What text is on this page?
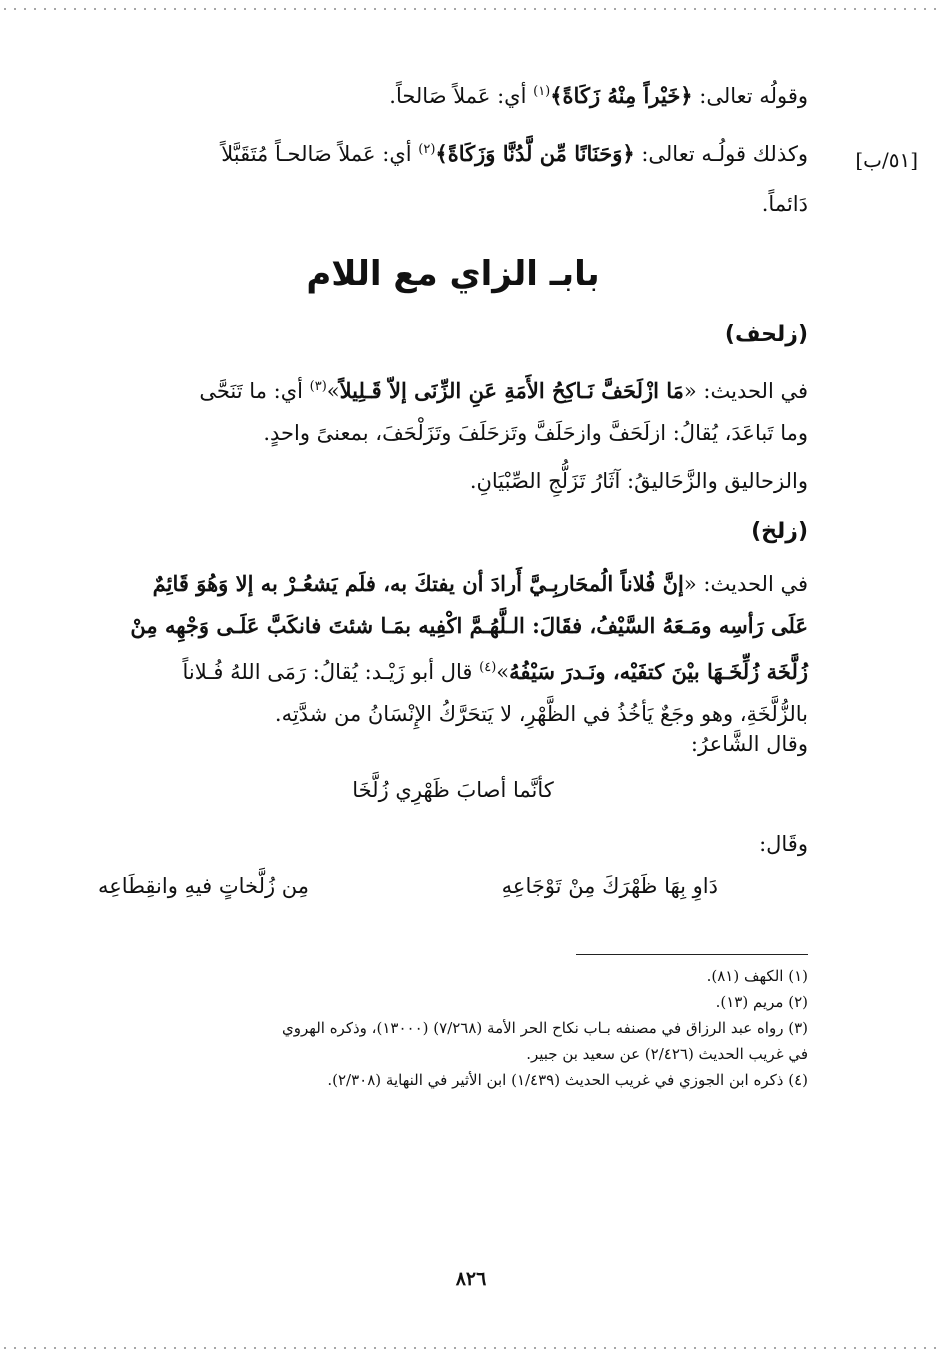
[٥١/ب]

وقولُه تعالى: ﴿خَيْراً مِنْهُ زَكَاةً﴾$^{(١)}$ أي: عَملاً صَالحاً.

وكذلك قولُـه تعالى: ﴿وَحَنَانًا مِّن لَّدُنَّا وَزَكَاةً﴾$^{(٢)}$ أي: عَملاً صَالحـاً مُتَقَبَّلاً

دَائماً.

بابـ الزاي مع اللام

(زلحف)

في الحديث: «مَا ازْلَحَفَّ نَـاكِحُ الأَمَةِ عَنِ الزِّنَى إلاّ قَـلِيلاً»$^{(٣)}$ أي: ما تَنَحَّى

وما تَباعَدَ، يُقالُ: ازلَحَفَّ وازحَلَفَّ وتَزحَلَفَ وتَزَلْحَفَ، بمعنىً واحدٍ.

والزحاليق والزَّحَاليقُ: آثَارُ تَزَلُّجِ الصِّبْيَانِ.

(زلخ)

في الحديث: «إنَّ فُلاناً الُمحَاربِـيَّ أَرادَ أن يفتكَ به، فلَم يَشعُـرْ به إلا وَهُوَ قَائِمٌ

عَلَى رَأسِه ومَـعَهُ السَّيْفُ، فقَالَ: الـلَّهُـمَّ اكْفِيه بمَـا شئتَ فانكَبَّ عَلَـى وَجْهِه مِنْ

زُلَّخَة زُلِّخَـهَا بيْنَ كتفَيْه، ونَـدرَ سَيْفُهُ»$^{(٤)}$ قال أبو زَيْـد: يُقالُ: رَمَى اللهُ فُـلاناً

بالزُّلَّخَةِ، وهو وجَعٌ يَأخُذُ في الظَّهْرِ، لا يَتحَرَّكُ الإِنْسَانُ من شدَّتِه.

وقال الشَّاعرُ:

كأنَّما أصابَ ظَهْرِي زُلَّخَا

وقَال:

دَاوِ بِهَا ظَهْرَكَ مِنْ تَوْجَاعِهِ
مِن زُلَّخاتٍ فيهِ وانقِطَاعِه

(١) الكهف (٨١).

(٢) مريم (١٣).

(٣) رواه عبد الرزاق في مصنفه بـاب نكاح الحر الأمة (٧/٢٦٨) (١٣٠٠٠)، وذكره الهروي

في غريب الحديث (٢/٤٢٦) عن سعيد بن جبير.

(٤) ذكره ابن الجوزي في غريب الحديث (١/٤٣٩) ابن الأثير في النهاية (٢/٣٠٨).

٨٢٦
